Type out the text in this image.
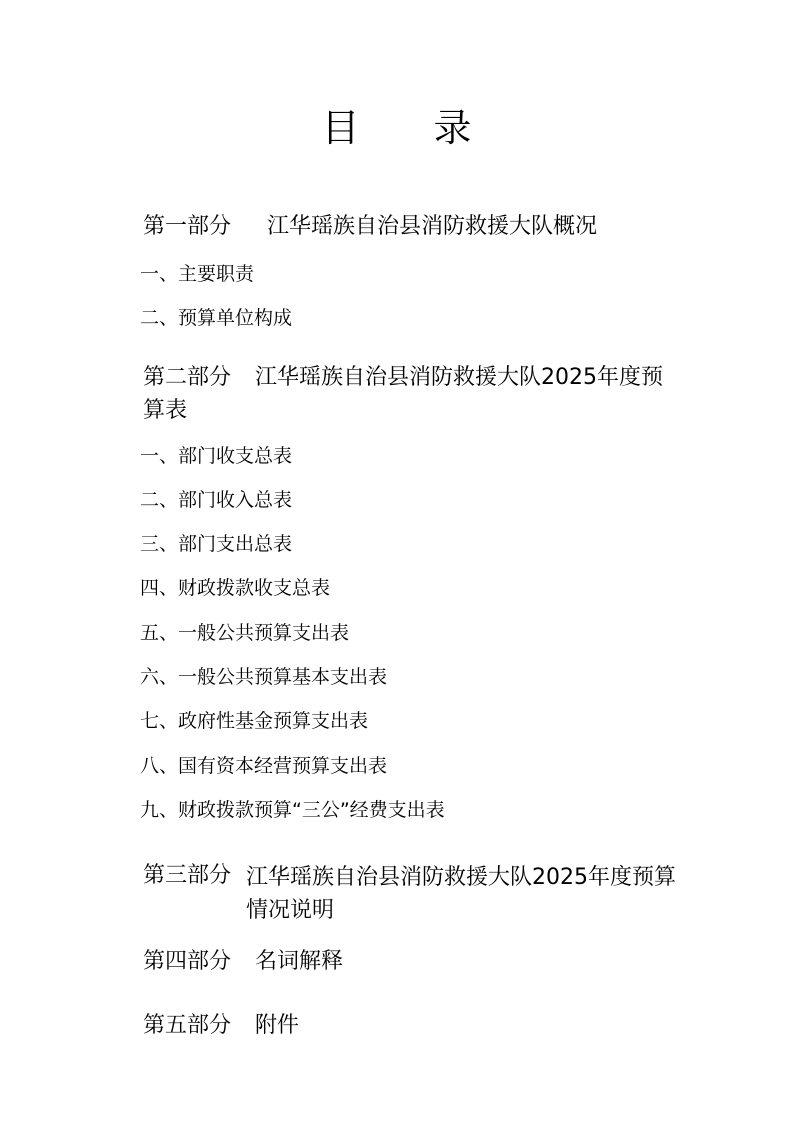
目 录
第一部分 江华瑶族自治县消防救援大队概况
一、主要职责
二、预算单位构成
第二部分 江华瑶族自治县消防救援大队2025年度预
算表
一、部门收支总表
二、部门收入总表
三、部门支出总表
四、财政拨款收支总表
五、一般公共预算支出表
六、一般公共预算基本支出表
七、政府性基金预算支出表
八、国有资本经营预算支出表
九、财政拨款预算“三公”经费支出表
第三部分 江华瑶族自治县消防救援大队2025年度预算
情况说明
第四部分 名词解释
第五部分 附件
